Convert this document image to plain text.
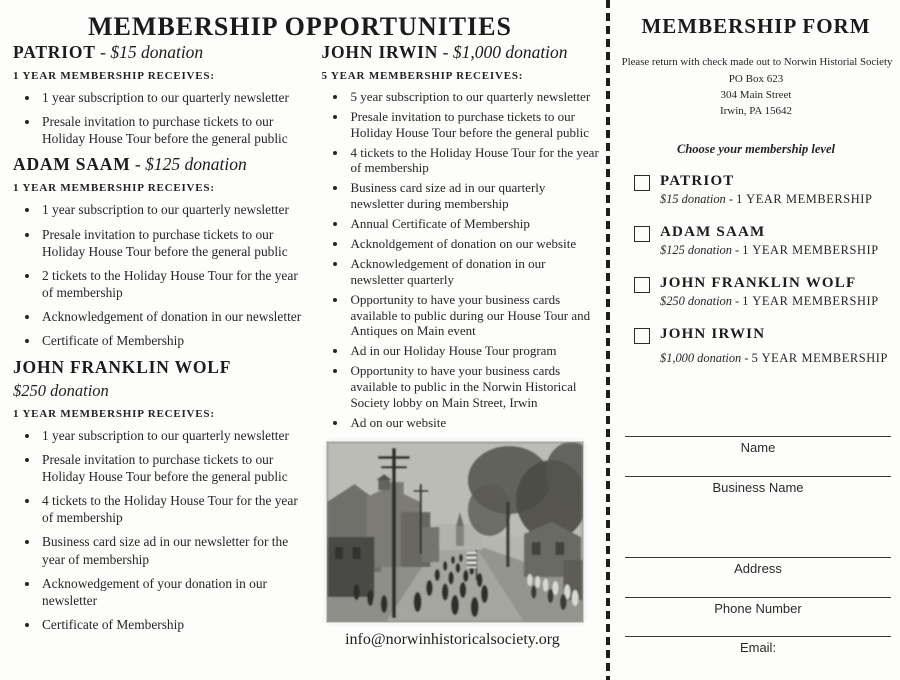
MEMBERSHIP OPPORTUNITIES
PATRIOT - $15 donation
1 YEAR MEMBERSHIP RECEIVES:
• 1 year subscription to our quarterly newsletter
• Presale invitation to purchase tickets to our Holiday House Tour before the general public
ADAM SAAM - $125 donation
1 YEAR MEMBERSHIP RECEIVES:
• 1 year subscription to our quarterly newsletter
• Presale invitation to purchase tickets to our Holiday House Tour before the general public
• 2 tickets to the Holiday House Tour for the year of membership
• Acknowledgement of donation in our newsletter
• Certificate of Membership
JOHN FRANKLIN WOLF
$250 donation
1 YEAR MEMBERSHIP RECEIVES:
• 1 year subscription to our quarterly newsletter
• Presale invitation to purchase tickets to our Holiday House Tour before the general public
• 4 tickets to the Holiday House Tour for the year of membership
• Business card size ad in our newsletter for the year of membership
• Acknowedgement of your donation in our newsletter
• Certificate of Membership
JOHN IRWIN - $1,000 donation
5 YEAR MEMBERSHIP RECEIVES:
• 5 year subscription to our quarterly newsletter
• Presale invitation to purchase tickets to our Holiday House Tour before the general public
• 4 tickets to the Holiday House Tour for the year of membership
• Business card size ad in our quarterly newsletter during membership
• Annual Certificate of Membership
• Acknoldgement of donation on our website
• Acknowledgement of donation in our newsletter quarterly
• Opportunity to have your business cards available to public during our House Tour and Antiques on Main event
• Ad in our Holiday House Tour program
• Opportunity to have your business cards available to public in the Norwin Historical Society lobby on Main Street, Irwin
• Ad on our website
info@norwinhistoricalsociety.org
MEMBERSHIP FORM

Please return with check made out to Norwin Historial Society

PO Box 623
304 Main Street
Irwin, PA 15642
Choose your membership level
PATRIOT
$15 donation - 1 YEAR MEMBERSHIP
ADAM SAAM
$125 donation - 1 YEAR MEMBERSHIP
JOHN FRANKLIN WOLF
$250 donation - 1 YEAR MEMBERSHIP
JOHN IRWIN
$1,000 donation - 5 YEAR MEMBERSHIP
Name
Business Name
Address
Phone Number
Email:
